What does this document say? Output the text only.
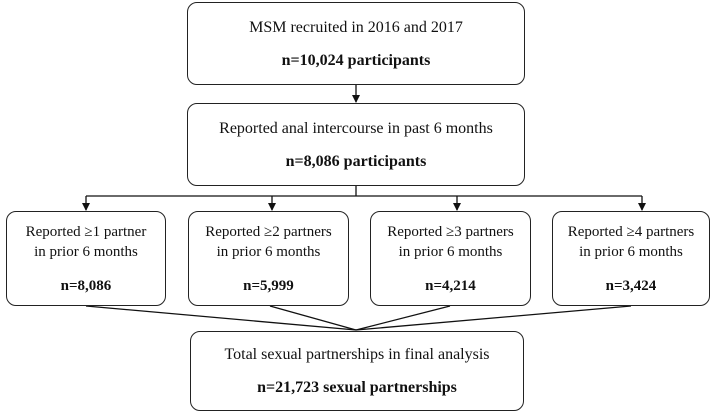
MSM recruited in 2016 and 2017
n=10,024 participants
Reported anal intercourse in past 6 months
n=8,086 participants
Reported ≥1 partner
in prior 6 months
n=8,086
Reported ≥2 partners
in prior 6 months
n=5,999
Reported ≥3 partners
in prior 6 months
n=4,214
Reported ≥4 partners
in prior 6 months
n=3,424
Total sexual partnerships in final analysis
n=21,723 sexual partnerships
